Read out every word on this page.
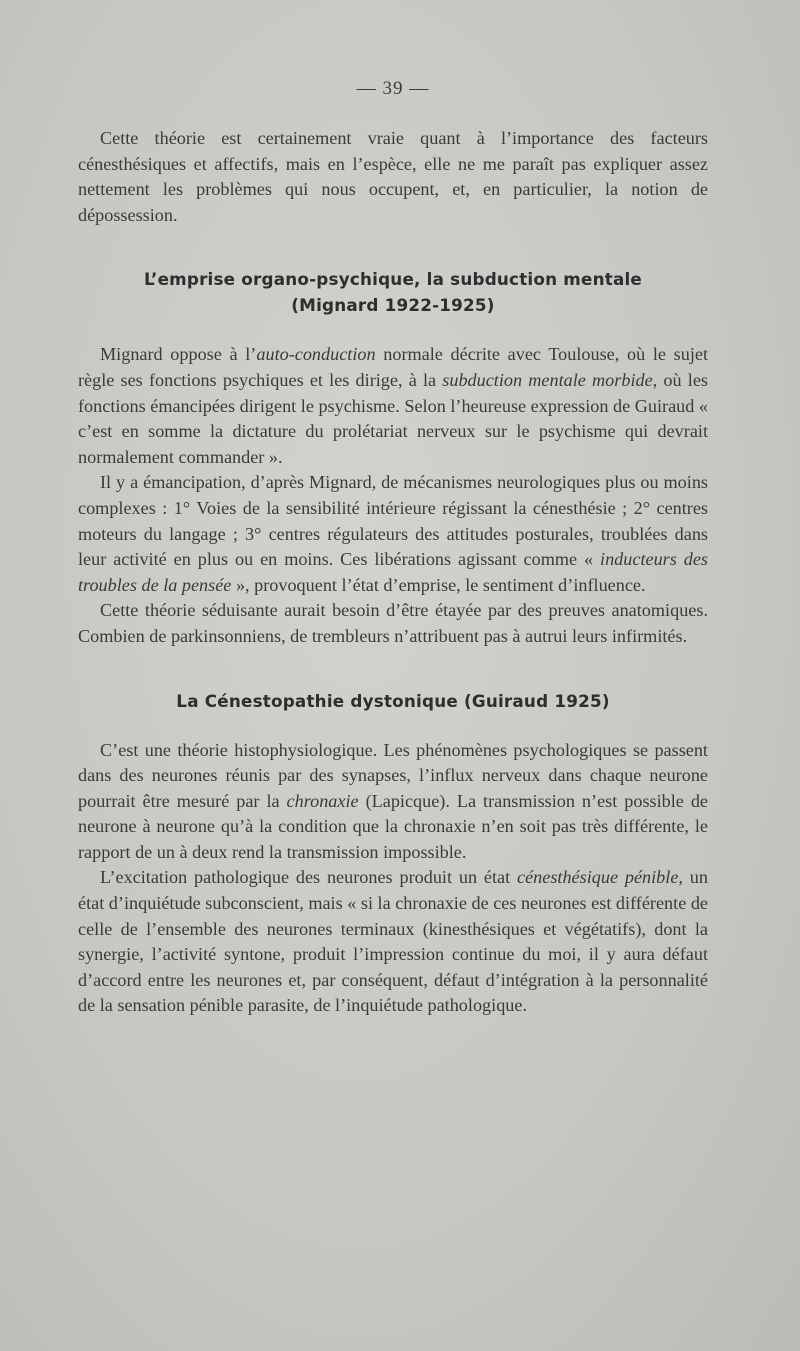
— 39 —

Cette théorie est certainement vraie quant à l’importance des facteurs cénesthésiques et affectifs, mais en l’espèce, elle ne me paraît pas expliquer assez nettement les problèmes qui nous occupent, et, en particulier, la notion de dépossession.

L’emprise organo-psychique, la subduction mentale
(Mignard 1922-1925)

Mignard oppose à l’auto-conduction normale décrite avec Toulouse, où le sujet règle ses fonctions psychiques et les dirige, à la subduction mentale morbide, où les fonctions émancipées dirigent le psychisme. Selon l’heureuse expression de Guiraud « c’est en somme la dictature du prolétariat nerveux sur le psychisme qui devrait normalement commander ».

Il y a émancipation, d’après Mignard, de mécanismes neurologiques plus ou moins complexes : 1° Voies de la sensibilité intérieure régissant la cénesthésie ; 2° centres moteurs du langage ; 3° centres régulateurs des attitudes posturales, troublées dans leur activité en plus ou en moins. Ces libérations agissant comme « inducteurs des troubles de la pensée », provoquent l’état d’emprise, le sentiment d’influence.

Cette théorie séduisante aurait besoin d’être étayée par des preuves anatomiques. Combien de parkinsonniens, de trembleurs n’attribuent pas à autrui leurs infirmités.

La Cénestopathie dystonique (Guiraud 1925)

C’est une théorie histophysiologique. Les phénomènes psychologiques se passent dans des neurones réunis par des synapses, l’influx nerveux dans chaque neurone pourrait être mesuré par la chronaxie (Lapicque). La transmission n’est possible de neurone à neurone qu’à la condition que la chronaxie n’en soit pas très différente, le rapport de un à deux rend la transmission impossible.

L’excitation pathologique des neurones produit un état cénesthésique pénible, un état d’inquiétude subconscient, mais « si la chronaxie de ces neurones est différente de celle de l’ensemble des neurones terminaux (kinesthésiques et végétatifs), dont la synergie, l’activité syntone, produit l’impression continue du moi, il y aura défaut d’accord entre les neurones et, par conséquent, défaut d’intégration à la personnalité de la sensation pénible parasite, de l’inquiétude pathologique.
